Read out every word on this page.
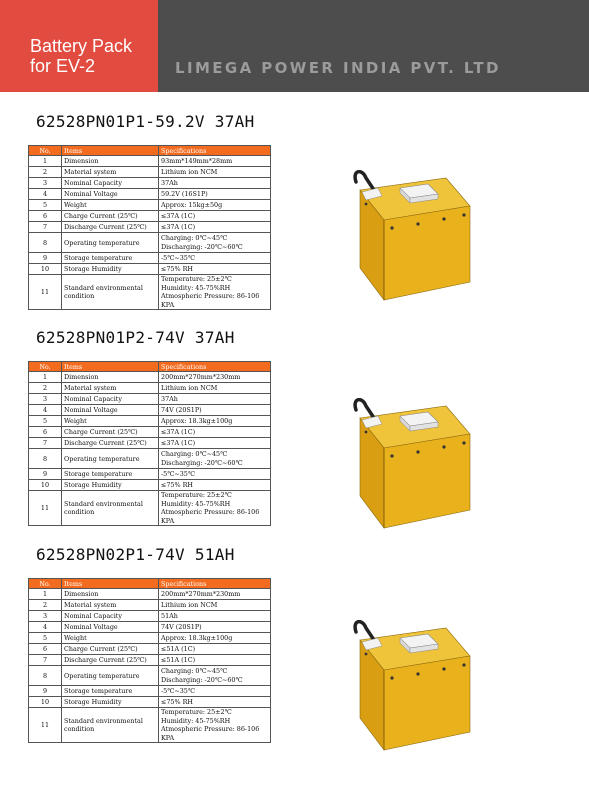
Battery Pack
for EV-2	LIMEGA POWER INDIA PVT. LTD
62528PN01P1-59.2V 37AH
No.	Items	Specifications
1	Dimension	93mm*149mm*28mm

2	Material system	Lithium ion NCM

3	Nominal Capacity	37Ah

4	Nominal Voltage	59.2V (16S1P)

5	Weight	Approx: 15kg±50g

6	Charge Current (25℃)	≤37A (1C)

7	Discharge Current (25℃)	≤37A (1C)

8	Operating temperature	Charging: 0℃~45℃
Discharging: -20℃~60℃

9	Storage temperature	-5℃~35℃

10	Storage Humidity	≤75% RH

11	Standard environmental condition	Temperature: 25±2℃
Humidity: 45-75%RH
Atmospheric Pressure: 86-106 KPA
62528PN01P2-74V 37AH
No.	Items	Specifications
1	Dimension	200mm*270mm*230mm

2	Material system	Lithium ion NCM

3	Nominal Capacity	37Ah

4	Nominal Voltage	74V (20S1P)

5	Weight	Approx: 18.3kg±100g

6	Charge Current (25℃)	≤37A (1C)

7	Discharge Current (25℃)	≤37A (1C)

8	Operating temperature	Charging: 0℃~45℃
Discharging: -20℃~60℃

9	Storage temperature	-5℃~35℃

10	Storage Humidity	≤75% RH

11	Standard environmental condition	Temperature: 25±2℃
Humidity: 45-75%RH
Atmospheric Pressure: 86-106 KPA
62528PN02P1-74V 51AH
No.	Items	Specifications
1	Dimension	200mm*270mm*230mm

2	Material system	Lithium ion NCM

3	Nominal Capacity	51Ah

4	Nominal Voltage	74V (20S1P)

5	Weight	Approx: 18.3kg±100g

6	Charge Current (25℃)	≤51A (1C)

7	Discharge Current (25℃)	≤51A (1C)

8	Operating temperature	Charging: 0℃~45℃
Discharging: -20℃~60℃

9	Storage temperature	-5℃~35℃

10	Storage Humidity	≤75% RH

11	Standard environmental condition	Temperature: 25±2℃
Humidity: 45-75%RH
Atmospheric Pressure: 86-106 KPA
